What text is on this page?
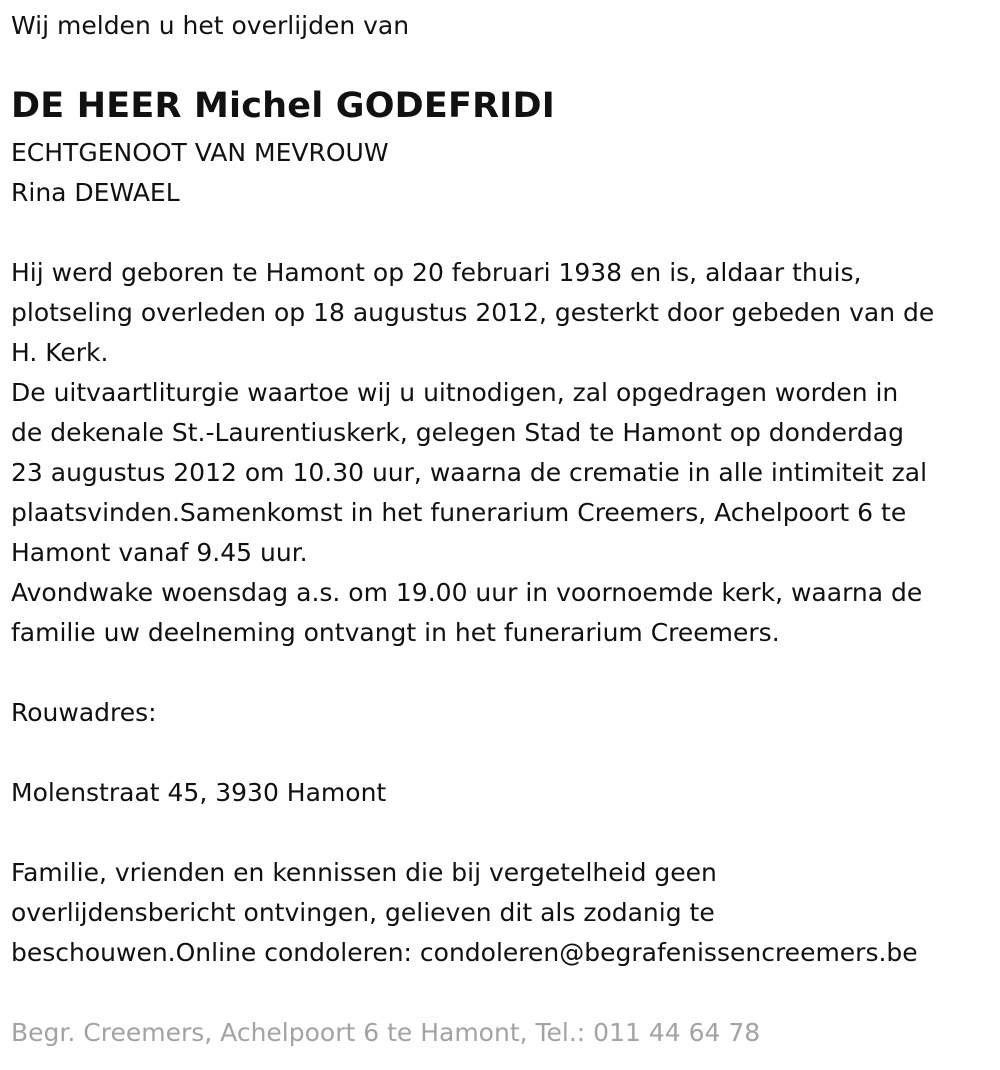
Wij melden u het overlijden van
DE HEER Michel GODEFRIDI
ECHTGENOOT VAN MEVROUW
Rina DEWAEL
Hij werd geboren te Hamont op 20 februari 1938 en is, aldaar thuis,
plotseling overleden op 18 augustus 2012, gesterkt door gebeden van de
H. Kerk.
De uitvaartliturgie waartoe wij u uitnodigen, zal opgedragen worden in
de dekenale St.-Laurentiuskerk, gelegen Stad te Hamont op donderdag
23 augustus 2012 om 10.30 uur, waarna de crematie in alle intimiteit zal
plaatsvinden.Samenkomst in het funerarium Creemers, Achelpoort 6 te
Hamont vanaf 9.45 uur.
Avondwake woensdag a.s. om 19.00 uur in voornoemde kerk, waarna de
familie uw deelneming ontvangt in het funerarium Creemers.
Rouwadres:
Molenstraat 45, 3930 Hamont
Familie, vrienden en kennissen die bij vergetelheid geen
overlijdensbericht ontvingen, gelieven dit als zodanig te
beschouwen.Online condoleren: condoleren@begrafenissencreemers.be
Begr. Creemers, Achelpoort 6 te Hamont, Tel.: 011 44 64 78
